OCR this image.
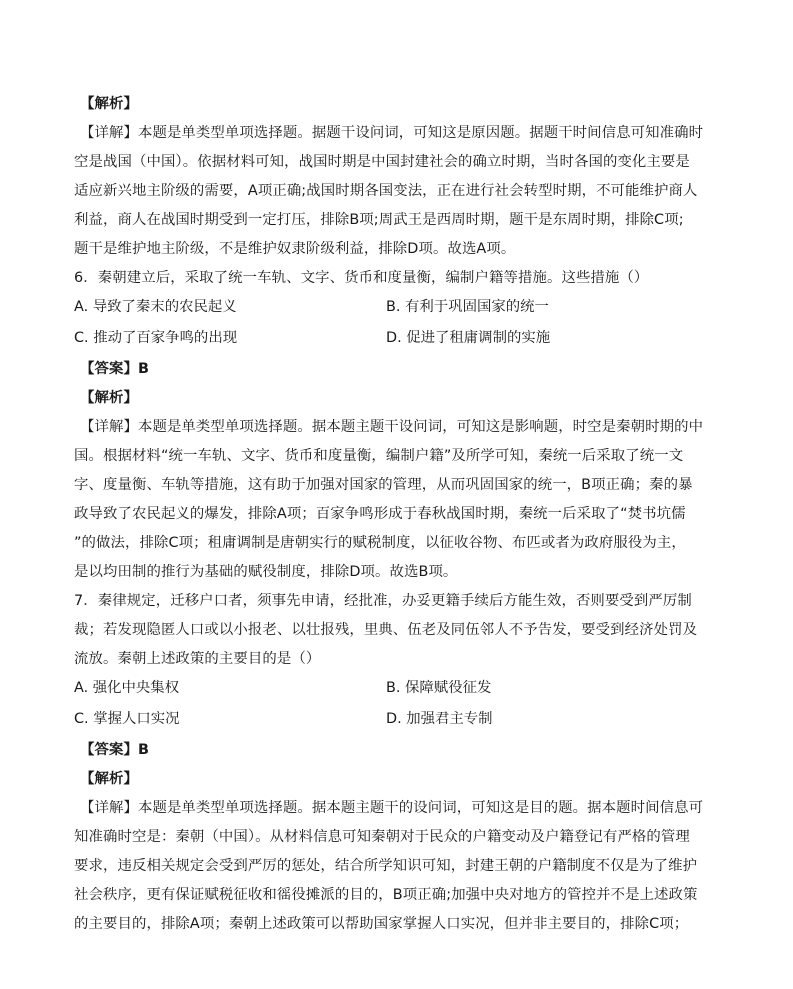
【解析】
【详解】本题是单类型单项选择题。据题干设问词，可知这是原因题。据题干时间信息可知准确时
空是战国（中国）。依据材料可知，战国时期是中国封建社会的确立时期，当时各国的变化主要是
适应新兴地主阶级的需要，A项正确;战国时期各国变法，正在进行社会转型时期，不可能维护商人
利益，商人在战国时期受到一定打压，排除B项;周武王是西周时期，题干是东周时期，排除C项;
题干是维护地主阶级，不是维护奴隶阶级利益，排除D项。故选A项。
6．秦朝建立后，采取了统一车轨、文字、货币和度量衡，编制户籍等措施。这些措施（）
A. 导致了秦末的农民起义	B. 有利于巩固国家的统一
C. 推动了百家争鸣的出现	D. 促进了租庸调制的实施
【答案】B
【解析】
【详解】本题是单类型单项选择题。据本题主题干设问词，可知这是影响题，时空是秦朝时期的中
国。根据材料“统一车轨、文字、货币和度量衡，编制户籍”及所学可知，秦统一后采取了统一文
字、度量衡、车轨等措施，这有助于加强对国家的管理，从而巩固国家的统一，B项正确；秦的暴
政导致了农民起义的爆发，排除A项；百家争鸣形成于春秋战国时期，秦统一后采取了“焚书坑儒
”的做法，排除C项；租庸调制是唐朝实行的赋税制度，以征收谷物、布匹或者为政府服役为主，
是以均田制的推行为基础的赋役制度，排除D项。故选B项。
7．秦律规定，迁移户口者，须事先申请，经批准，办妥更籍手续后方能生效，否则要受到严厉制
裁；若发现隐匿人口或以小报老、以壮报残，里典、伍老及同伍邻人不予告发，要受到经济处罚及
流放。秦朝上述政策的主要目的是（）
A. 强化中央集权	B. 保障赋役征发
C. 掌握人口实况	D. 加强君主专制
【答案】B
【解析】
【详解】本题是单类型单项选择题。据本题主题干的设问词，可知这是目的题。据本题时间信息可
知准确时空是：秦朝（中国）。从材料信息可知秦朝对于民众的户籍变动及户籍登记有严格的管理
要求，违反相关规定会受到严厉的惩处，结合所学知识可知，封建王朝的户籍制度不仅是为了维护
社会秩序，更有保证赋税征收和徭役摊派的目的，B项正确;加强中央对地方的管控并不是上述政策
的主要目的，排除A项；秦朝上述政策可以帮助国家掌握人口实况，但并非主要目的，排除C项；
